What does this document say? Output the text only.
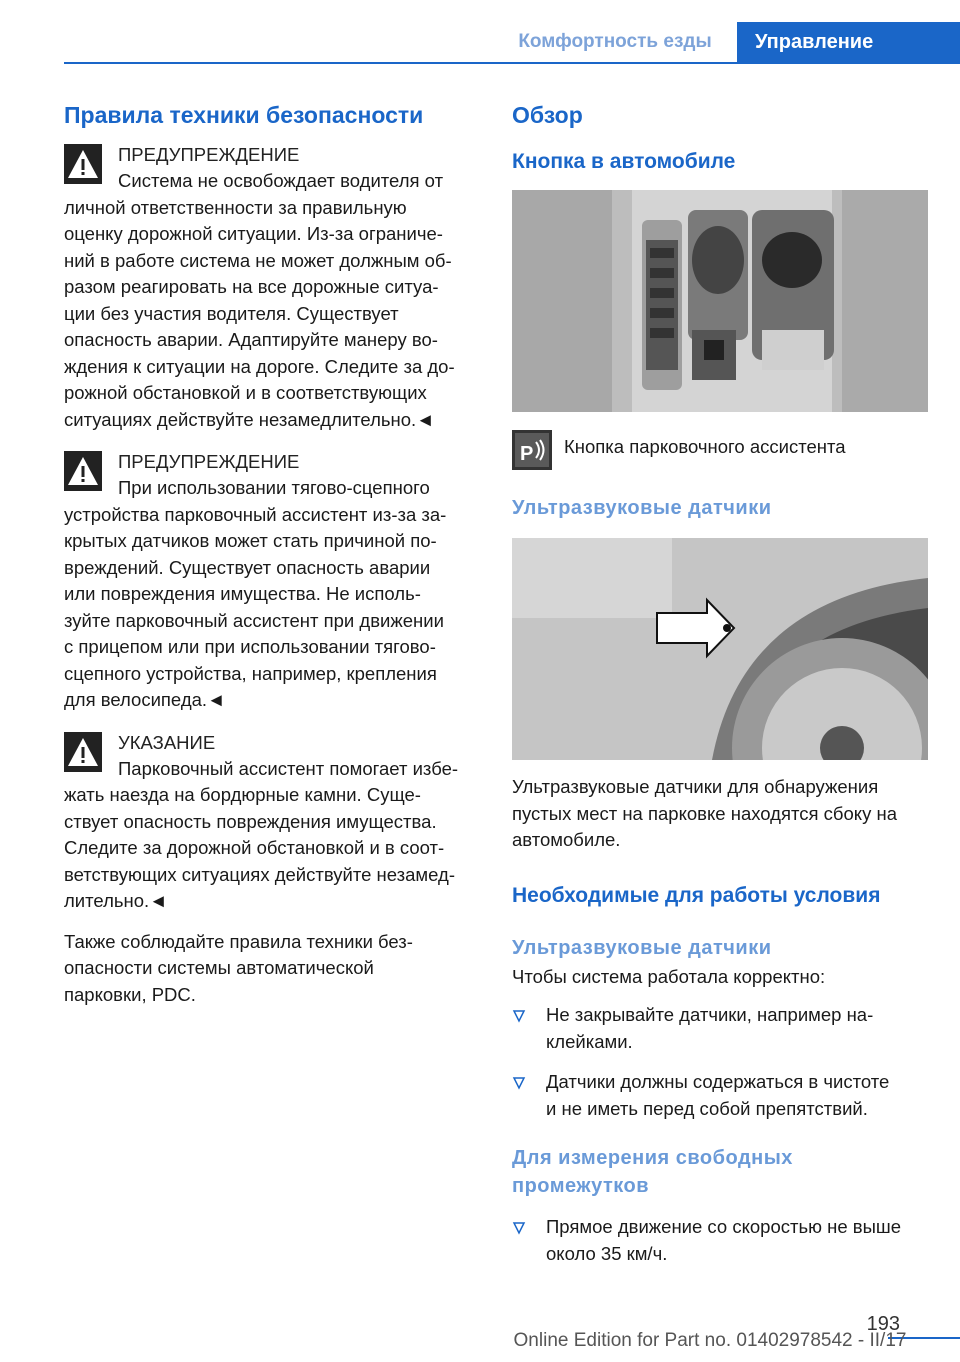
Комфортность езды	Управление
Правила техники безопасности
ПРЕДУПРЕЖДЕНИЕ
Система не освобождает водителя от
личной ответственности за правильную
оценку дорожной ситуации. Из-за ограниче-
ний в работе система не может должным об-
разом реагировать на все дорожные ситуа-
ции без участия водителя. Существует
опасность аварии. Адаптируйте манеру во-
ждения к ситуации на дороге. Следите за до-
рожной обстановкой и в соответствующих
ситуациях действуйте незамедлительно.◄
ПРЕДУПРЕЖДЕНИЕ
При использовании тягово-сцепного
устройства парковочный ассистент из-за за-
крытых датчиков может стать причиной по-
вреждений. Существует опасность аварии
или повреждения имущества. Не исполь-
зуйте парковочный ассистент при движении
с прицепом или при использовании тягово-
сцепного устройства, например, крепления
для велосипеда.◄
УКАЗАНИЕ
Парковочный ассистент помогает избе-
жать наезда на бордюрные камни. Суще-
ствует опасность повреждения имущества.
Следите за дорожной обстановкой и в соот-
ветствующих ситуациях действуйте незамед-
лительно.◄
Также соблюдайте правила техники без-
опасности системы автоматической
парковки, PDC.
Обзор
Кнопка в автомобиле
P Кнопка парковочного ассистента
Ультразвуковые датчики
Ультразвуковые датчики для обнаружения
пустых мест на парковке находятся сбоку на
автомобиле.
Необходимые для работы условия
Ультразвуковые датчики
Чтобы система работала корректно:
Не закрывайте датчики, например на-
клейками.
Датчики должны содержаться в чистоте
и не иметь перед собой препятствий.
Для измерения свободных
промежутков
Прямое движение со скоростью не выше
около 35 км/ч.
193
Online Edition for Part no. 01402978542 - II/17
